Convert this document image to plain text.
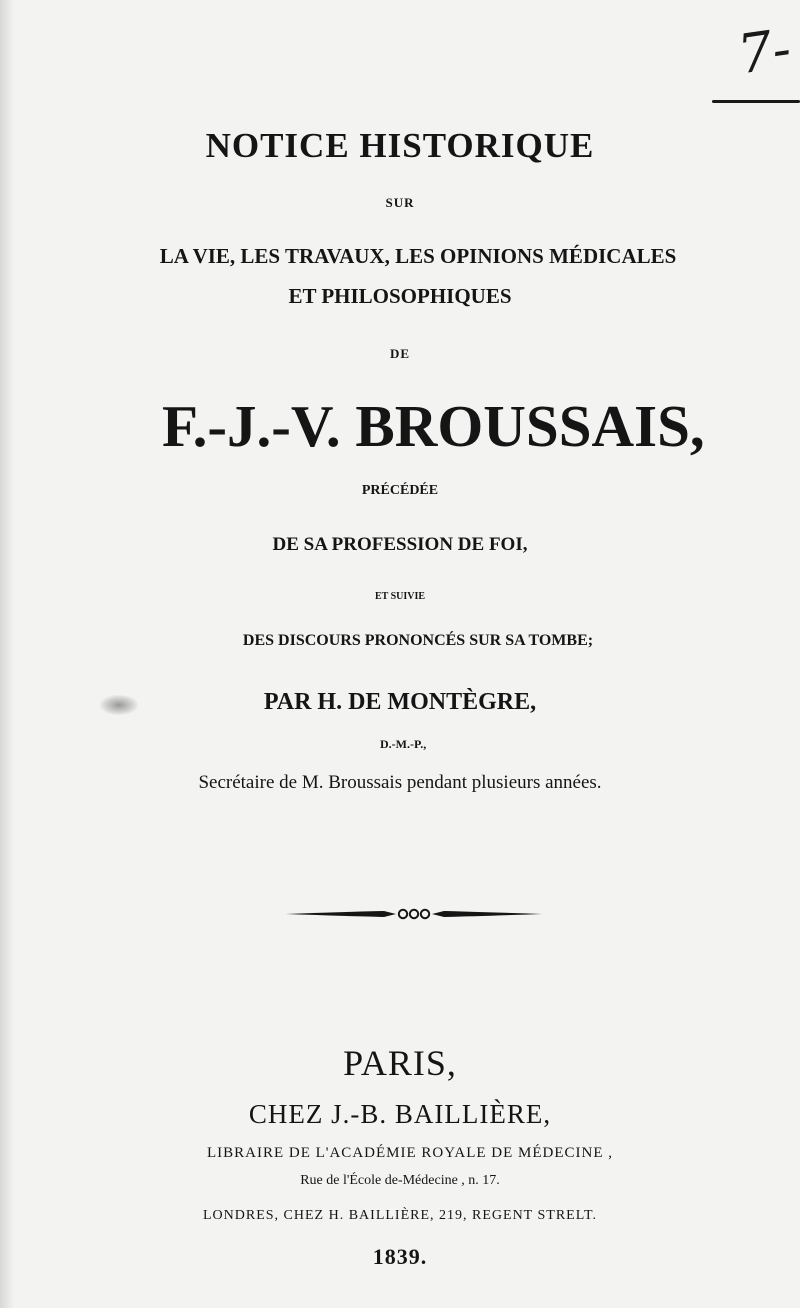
7-
NOTICE HISTORIQUE
SUR
LA VIE, LES TRAVAUX, LES OPINIONS MÉDICALES
ET PHILOSOPHIQUES
DE
F.-J.-V. BROUSSAIS,
PRÉCÉDÉE
DE SA PROFESSION DE FOI,
ET SUIVIE
DES DISCOURS PRONONCÉS SUR SA TOMBE;
PAR H. DE MONTÈGRE,
D.-M.-P.,
Secrétaire de M. Broussais pendant plusieurs années.
PARIS,
CHEZ J.-B. BAILLIÈRE,
LIBRAIRE DE L'ACADÉMIE ROYALE DE MÉDECINE ,
Rue de l'École de-Médecine , n. 17.
LONDRES, CHEZ H. BAILLIÈRE, 219, REGENT STRELT.
1839.
